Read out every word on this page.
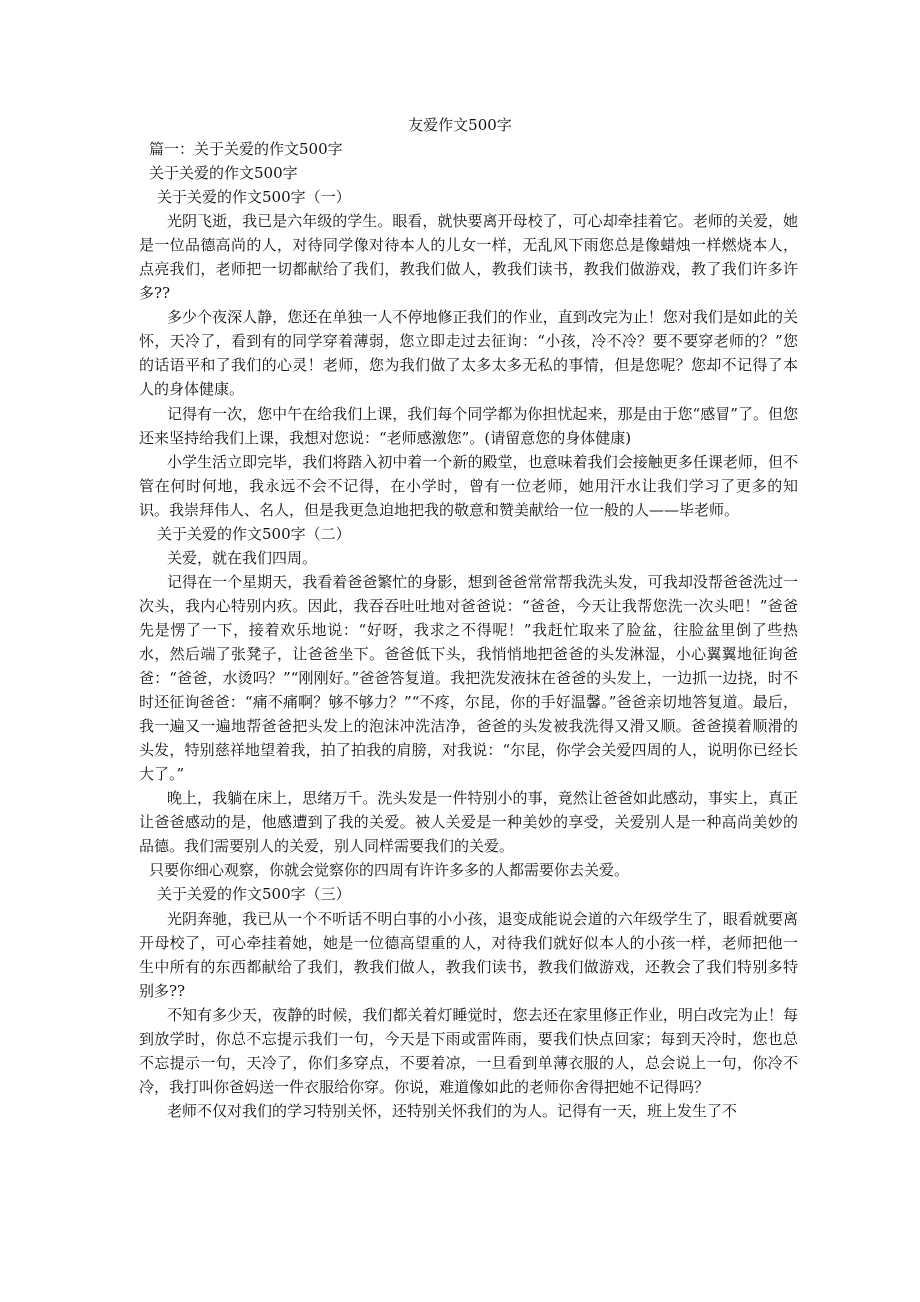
友爱作文500字

篇一：关于关爱的作文500字

关于关爱的作文500字

关于关爱的作文500字（一）

光阴飞逝，我已是六年级的学生。眼看，就快要离开母校了，可心却牵挂着它。老师的关爱，她是一位品德高尚的人，对待同学像对待本人的儿女一样，无乱风下雨您总是像蜡烛一样燃烧本人，点亮我们，老师把一切都献给了我们，教我们做人，教我们读书，教我们做游戏，教了我们许多许多??

多少个夜深人静，您还在单独一人不停地修正我们的作业，直到改完为止！您对我们是如此的关怀，天冷了，看到有的同学穿着薄弱，您立即走过去征询：“小孩，冷不冷？要不要穿老师的？”您的话语平和了我们的心灵！老师，您为我们做了太多太多无私的事情，但是您呢？您却不记得了本人的身体健康。

记得有一次，您中午在给我们上课，我们每个同学都为你担忧起来，那是由于您“感冒”了。但您还来坚持给我们上课，我想对您说：“老师感激您”。(请留意您的身体健康)

小学生活立即完毕，我们将踏入初中着一个新的殿堂，也意味着我们会接触更多任课老师，但不管在何时何地，我永远不会不记得，在小学时，曾有一位老师，她用汗水让我们学习了更多的知识。我崇拜伟人、名人，但是我更急迫地把我的敬意和赞美献给一位一般的人——毕老师。

关于关爱的作文500字（二）

关爱，就在我们四周。

记得在一个星期天，我看着爸爸繁忙的身影，想到爸爸常常帮我洗头发，可我却没帮爸爸洗过一次头，我内心特别内疚。因此，我吞吞吐吐地对爸爸说：“爸爸，今天让我帮您洗一次头吧！”爸爸先是愣了一下，接着欢乐地说：“好呀，我求之不得呢！”我赶忙取来了脸盆，往脸盆里倒了些热水，然后端了张凳子，让爸爸坐下。爸爸低下头，我悄悄地把爸爸的头发淋湿，小心翼翼地征询爸爸：“爸爸，水烫吗？”“刚刚好。”爸爸答复道。我把洗发液抹在爸爸的头发上，一边抓一边挠，时不时还征询爸爸：“痛不痛啊？够不够力？”“不疼，尔昆，你的手好温馨。”爸爸亲切地答复道。最后，我一遍又一遍地帮爸爸把头发上的泡沫冲洗洁净，爸爸的头发被我洗得又滑又顺。爸爸摸着顺滑的头发，特别慈祥地望着我，拍了拍我的肩膀，对我说：“尔昆，你学会关爱四周的人，说明你已经长大了。”

晚上，我躺在床上，思绪万千。洗头发是一件特别小的事，竟然让爸爸如此感动，事实上，真正让爸爸感动的是，他感遭到了我的关爱。被人关爱是一种美妙的享受，关爱别人是一种高尚美妙的品德。我们需要别人的关爱，别人同样需要我们的关爱。

只要你细心观察，你就会觉察你的四周有许许多多的人都需要你去关爱。

关于关爱的作文500字（三）

光阴奔驰，我已从一个不听话不明白事的小小孩，退变成能说会道的六年级学生了，眼看就要离开母校了，可心牵挂着她，她是一位德高望重的人，对待我们就好似本人的小孩一样，老师把他一生中所有的东西都献给了我们，教我们做人，教我们读书，教我们做游戏，还教会了我们特别多特别多??

不知有多少天，夜静的时候，我们都关着灯睡觉时，您去还在家里修正作业，明白改完为止！每到放学时，你总不忘提示我们一句，今天是下雨或雷阵雨，要我们快点回家；每到天冷时，您也总不忘提示一句，天冷了，你们多穿点，不要着凉，一旦看到单薄衣服的人，总会说上一句，你冷不冷，我打叫你爸妈送一件衣服给你穿。你说，难道像如此的老师你舍得把她不记得吗？

老师不仅对我们的学习特别关怀，还特别关怀我们的为人。记得有一天，班上发生了不
